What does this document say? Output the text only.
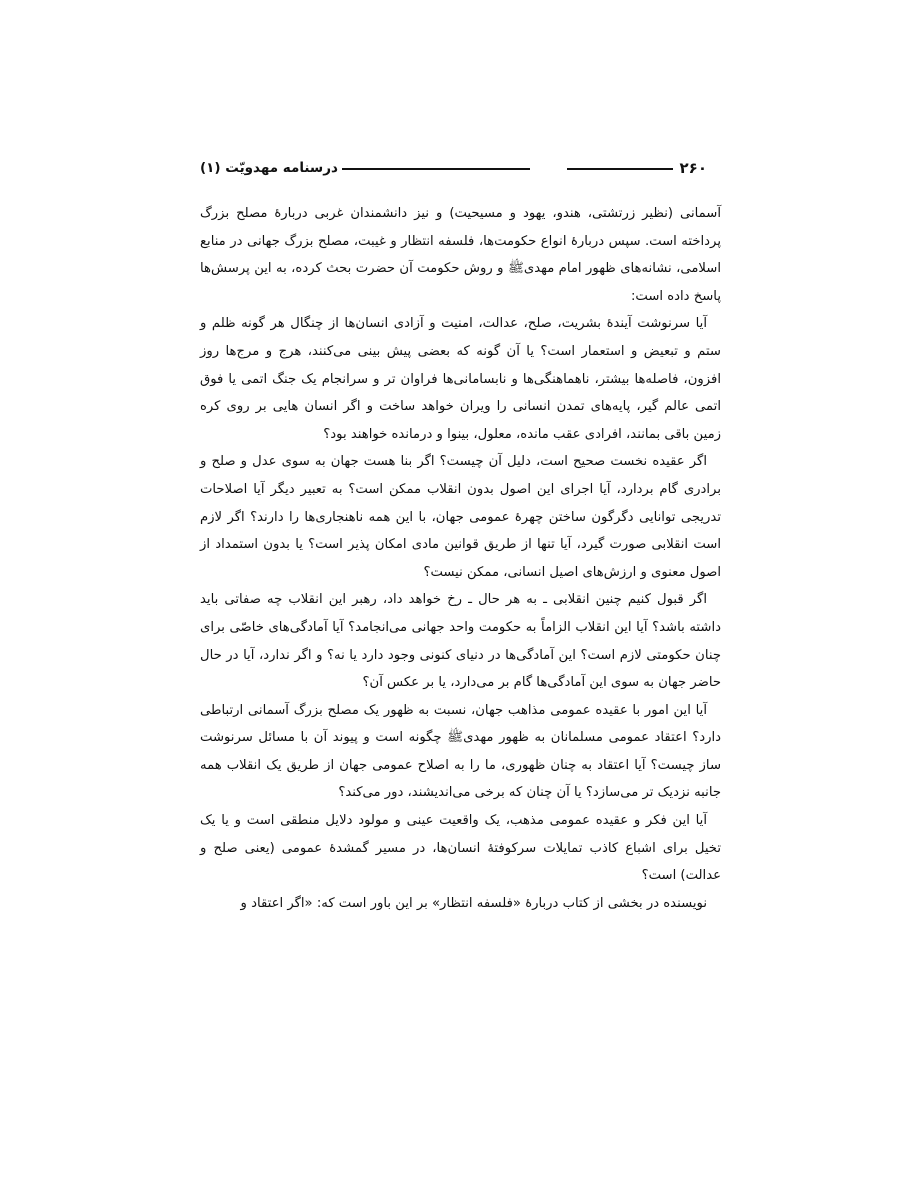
۲۶۰
درسنامه مهدویّت (۱)

آسمانی (نظیر زرتشتی، هندو، یهود و مسیحیت) و نیز دانشمندان غربی دربارهٔ مصلح بزرگ پرداخته است. سپس دربارهٔ انواع حکومت‌ها، فلسفه انتظار و غیبت، مصلح بزرگ جهانی در منابع اسلامی، نشانه‌های ظهور امام مهدی‌ﷺ و روش حکومت آن حضرت بحث کرده، به این پرسش‌ها پاسخ داده است:

آیا سرنوشت آیندهٔ بشریت، صلح، عدالت، امنیت و آزادی انسان‌ها از چنگال هر گونه ظلم و ستم و تبعیض و استعمار است؟ یا آن گونه که بعضی پیش بینی می‌کنند، هرج و مرج‌ها روز افزون، فاصله‌ها بیشتر، ناهماهنگی‌ها و نابسامانی‌ها فراوان تر و سرانجام یک جنگ اتمی یا فوق اتمی عالم گیر، پایه‌های تمدن انسانی را ویران خواهد ساخت و اگر انسان هایی بر روی کره زمین باقی بمانند، افرادی عقب مانده، معلول، بینوا و درمانده خواهند بود؟

اگر عقیده نخست صحیح است، دلیل آن چیست؟ اگر بنا هست جهان به سوی عدل و صلح و برادری گام بردارد، آیا اجرای این اصول بدون انقلاب ممکن است؟ به تعبیر دیگر آیا اصلاحات تدریجی توانایی دگرگون ساختن چهرهٔ عمومی جهان، با این همه ناهنجاری‌ها را دارند؟ اگر لازم است انقلابی صورت گیرد، آیا تنها از طریق قوانین مادی امکان پذیر است؟ یا بدون استمداد از اصول معنوی و ارزش‌های اصیل انسانی، ممکن نیست؟

اگر قبول کنیم چنین انقلابی ـ به هر حال ـ رخ خواهد داد، رهبر این انقلاب چه صفاتی باید داشته باشد؟ آیا این انقلاب الزاماً به حکومت واحد جهانی می‌انجامد؟ آیا آمادگی‌های خاصّی برای چنان حکومتی لازم است؟ این آمادگی‌ها در دنیای کنونی وجود دارد یا نه؟ و اگر ندارد، آیا در حال حاضر جهان به سوی این آمادگی‌ها گام بر می‌دارد، یا بر عکس آن؟

آیا این امور با عقیده عمومی مذاهب جهان، نسبت به ظهور یک مصلح بزرگ آسمانی ارتباطی دارد؟ اعتقاد عمومی مسلمانان به ظهور مهدی‌ﷺ چگونه است و پیوند آن با مسائل سرنوشت ساز چیست؟ آیا اعتقاد به چنان ظهوری، ما را به اصلاح عمومی جهان از طریق یک انقلاب همه جانبه نزدیک تر می‌سازد؟ یا آن چنان که برخی می‌اندیشند، دور می‌کند؟

آیا این فکر و عقیده عمومی مذهب، یک واقعیت عینی و مولود دلایل منطقی است و یا یک تخیل برای اشباع کاذب تمایلات سرکوفتهٔ انسان‌ها، در مسیر گمشدهٔ عمومی (یعنی صلح و عدالت) است؟

نویسنده در بخشی از کتاب دربارهٔ «فلسفه انتظار» بر این باور است که: «اگر اعتقاد و
